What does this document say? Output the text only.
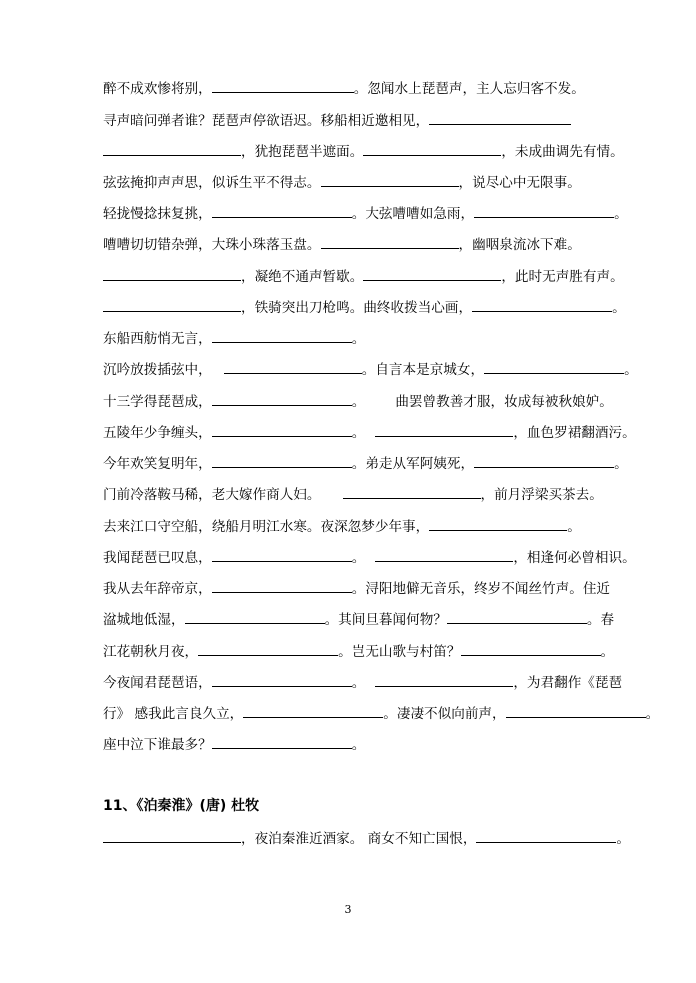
醉不成欢惨将别，	。忽闻水上琵琶声，主人忘归客不发。
寻声暗问弹者谁？琵琶声停欲语迟。移船相近邀相见，
，犹抱琵琶半遮面。	，未成曲调先有情。
弦弦掩抑声声思，似诉生平不得志。	，说尽心中无限事。
轻拢慢捻抹复挑，	。大弦嘈嘈如急雨，	。
嘈嘈切切错杂弹，大珠小珠落玉盘。	，幽咽泉流冰下难。
，凝绝不通声暂歇。	，此时无声胜有声。
，铁骑突出刀枪鸣。曲终收拨当心画，	。
东船西舫悄无言，	。
沉吟放拨插弦中，	。自言本是京城女，	。
十三学得琵琶成，	。 曲罢曾教善才服，妆成每被秋娘妒。
五陵年少争缠头，	。	，血色罗裙翻酒污。
今年欢笑复明年，	。弟走从军阿姨死，	。
门前冷落鞍马稀，老大嫁作商人妇。	，前月浮梁买茶去。
去来江口守空船，绕船月明江水寒。夜深忽梦少年事，	。
我闻琵琶已叹息，	。	，相逢何必曾相识。
我从去年辞帝京，	。浔阳地僻无音乐，终岁不闻丝竹声。住近
湓城地低湿，	。其间旦暮闻何物？	。春
江花朝秋月夜，	。岂无山歌与村笛？	。
今夜闻君琵琶语，	。	，为君翻作《琵琶
行》 感我此言良久立，	。凄凄不似向前声，	。
座中泣下谁最多？	。
11、《泊秦淮》(唐) 杜牧
，夜泊秦淮近酒家。 商女不知亡国恨，	。
3
